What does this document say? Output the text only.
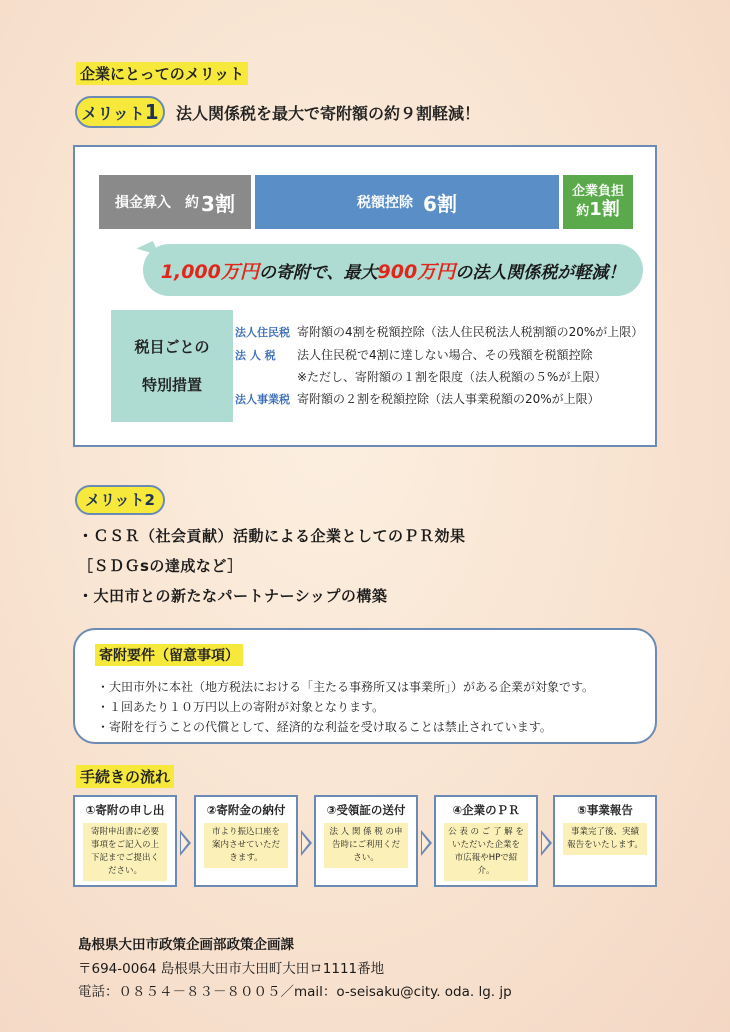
企業にとってのメリット
メリット1	法人関係税を最大で寄附額の約９割軽減！
損金算入　約 3割	税額控除 6割	企業負担
約1割
1,000万円 の寄附で、最大 900万円 の法人関係税が軽減！
税目ごとの
特別措置
法人住民税 寄附額の4割を税額控除（法人住民税法人税割額の20%が上限）
法 人 税 法人住民税で4割に達しない場合、その残額を税額控除
※ただし、寄附額の１割を限度（法人税額の５%が上限）
法人事業税 寄附額の２割を税額控除（法人事業税額の20%が上限）
メリット2
・ＣＳＲ（社会貢献）活動による企業としてのＰＲ効果
［ＳＤＧsの達成など］
・大田市との新たなパートナーシップの構築
寄附要件（留意事項）
・大田市外に本社（地方税法における「主たる事務所又は事業所」）がある企業が対象です。
・１回あたり１０万円以上の寄附が対象となります。
・寄附を行うことの代償として、経済的な利益を受け取ることは禁止されています。
手続きの流れ
①寄附の申し出
寄附申出書に必要事項をご記入の上下記までご提出ください。
②寄附金の納付
市より振込口座を案内させていただきます。
③受領証の送付
法 人 関 係 税 の申告時にご利用ください。
④企業のＰＲ
公 表 の ご 了 解 をいただいた企業を市広報やHPで紹介。
⑤事業報告
事業完了後、実績報告をいたします。
島根県大田市政策企画部政策企画課
〒694-0064 島根県大田市大田町大田ロ1111番地
電話：０８５４－８３－８００５／mail：o-seisaku@city. oda. lg. jp
